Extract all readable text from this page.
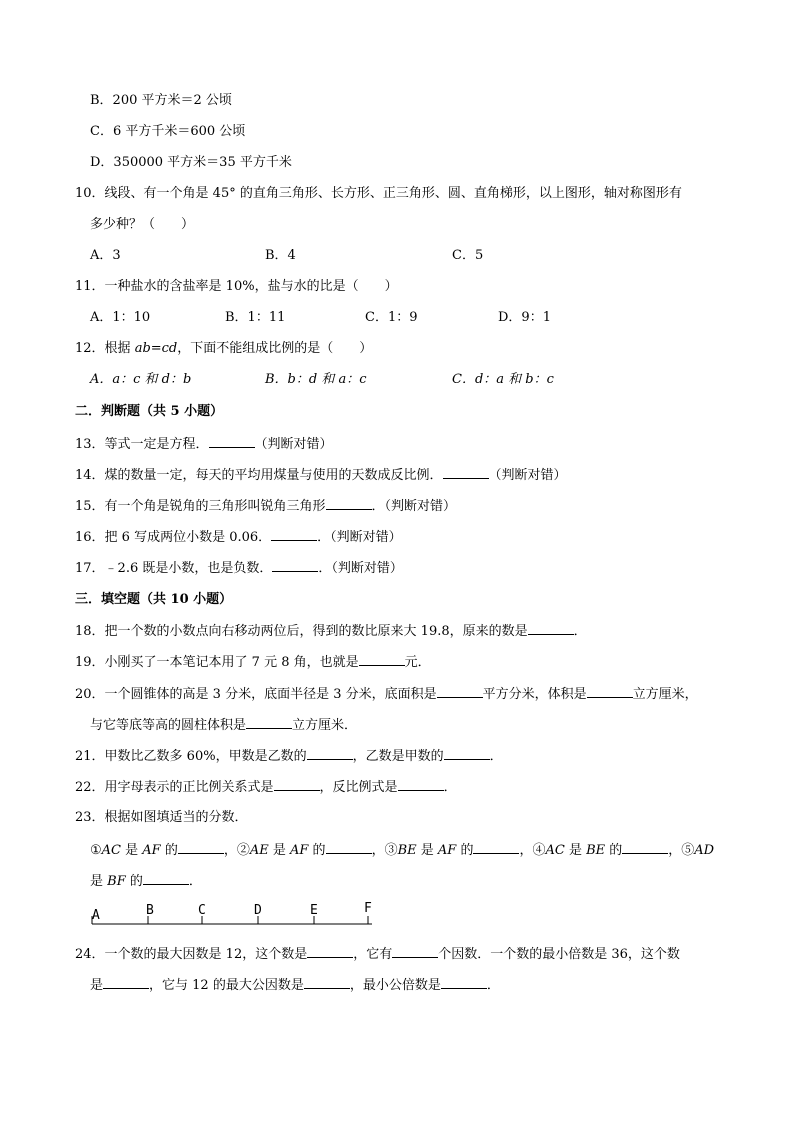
B．200 平方米＝2 公顷
C．6 平方千米＝600 公顷
D．350000 平方米＝35 平方千米
10．线段、有一个角是 45° 的直角三角形、长方形、正三角形、圆、直角梯形，以上图形，轴对称图形有
多少种？（　　）
A．3	B．4	C．5
11．一种盐水的含盐率是 10%，盐与水的比是（　　）
A．1：10	B．1：11	C．1：9	D．9：1
12．根据 ab=cd，下面不能组成比例的是（　　）
A．a：c 和 d：b	B．b：d 和 a：c	C．d：a 和 b：c
二．判断题（共 5 小题）
13．等式一定是方程．	（判断对错）
14．煤的数量一定，每天的平均用煤量与使用的天数成反比例．	（判断对错）
15．有一个角是锐角的三角形叫锐角三角形	．（判断对错）
16．把 6 写成两位小数是 0.06．	．（判断对错）
17．﹣2.6 既是小数，也是负数．	．（判断对错）
三．填空题（共 10 小题）
18．把一个数的小数点向右移动两位后，得到的数比原来大 19.8，原来的数是	．
19．小刚买了一本笔记本用了 7 元 8 角，也就是	元．
20．一个圆锥体的高是 3 分米，底面半径是 3 分米，底面积是	平方分米，体积是	立方厘米，
与它等底等高的圆柱体积是	立方厘米．
21．甲数比乙数多 60%，甲数是乙数的	，乙数是甲数的	．
22．用字母表示的正比例关系式是	，反比例式是	．
23．根据如图填适当的分数．
①AC 是 AF 的	，②AE 是 AF 的	，③BE 是 AF 的	，④AC 是 BE 的	，⑤AD
是 BF 的	．
A	B	C	D	E	F
24．一个数的最大因数是 12，这个数是	，它有	个因数．一个数的最小倍数是 36，这个数
是	，它与 12 的最大公因数是	，最小公倍数是	．
